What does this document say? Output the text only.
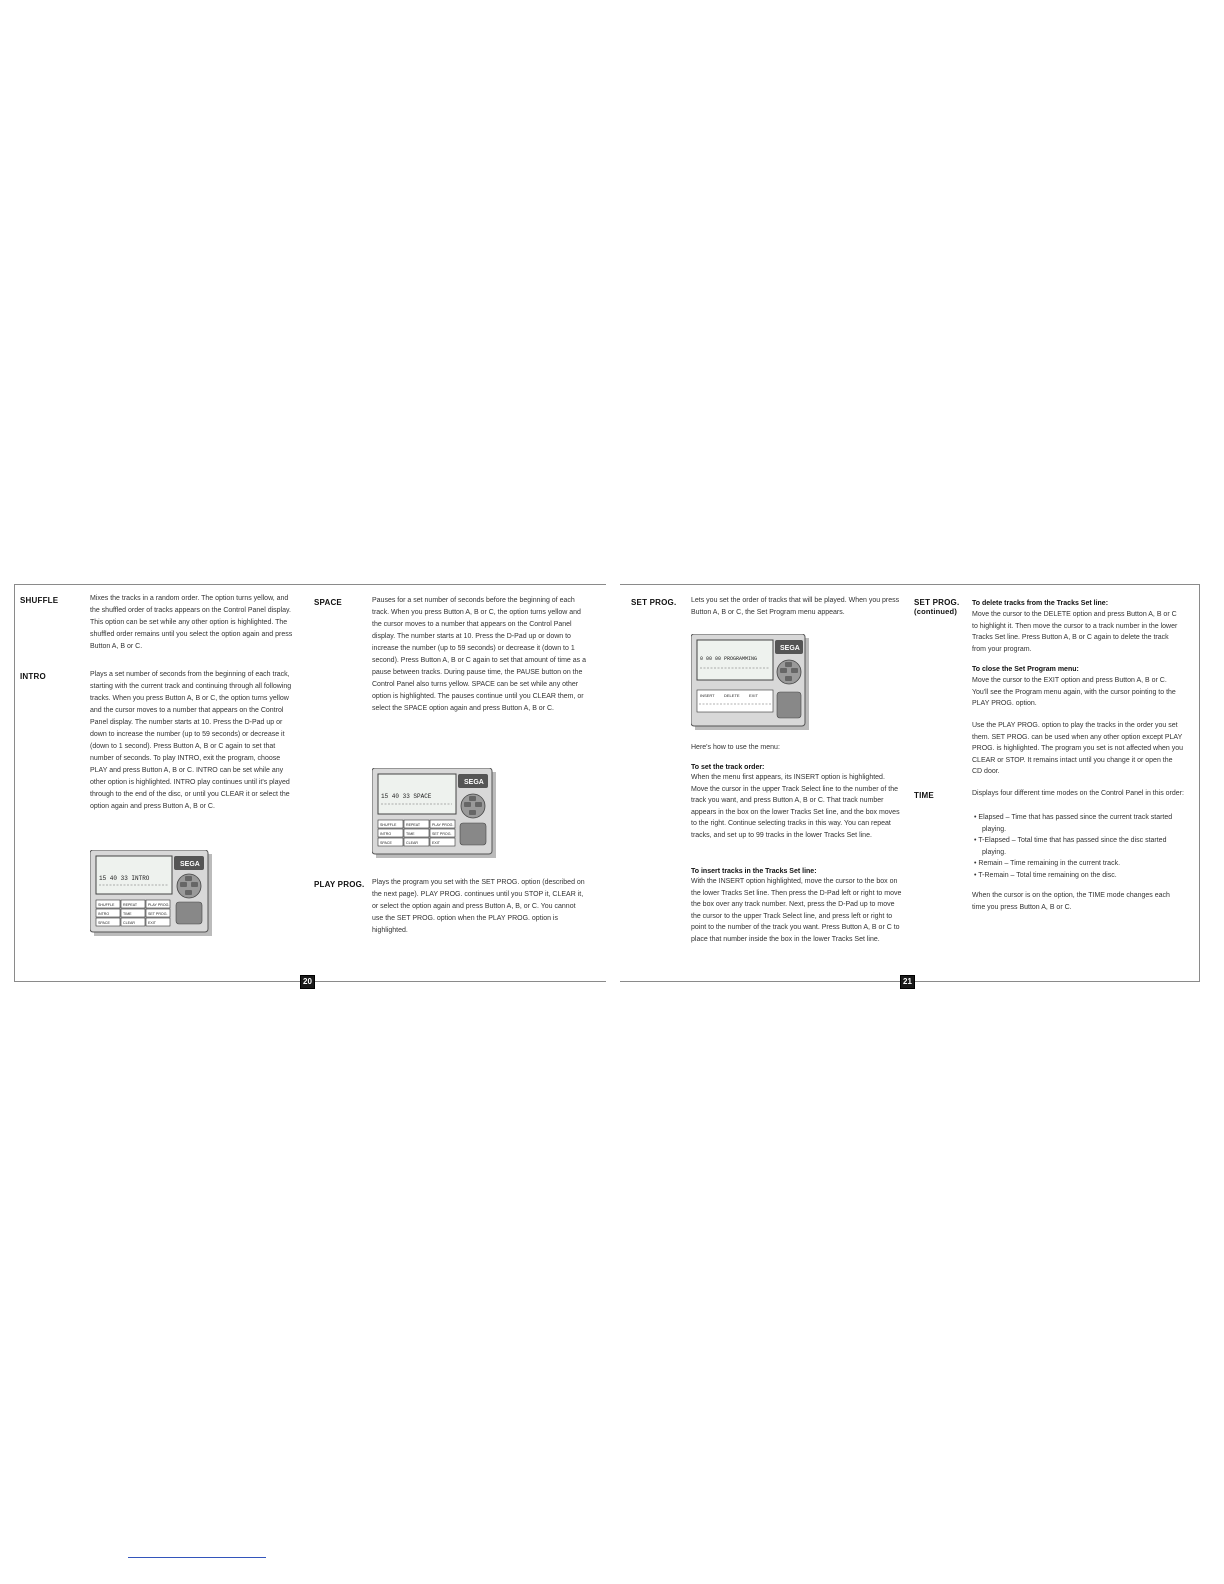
SHUFFLE	Mixes the tracks in a random order. The option turns yellow, and the shuffled order of tracks appears on the Control Panel display. This option can be set while any other option is highlighted. The shuffled order remains until you select the option again and press Button A, B or C.
INTRO	Plays a set number of seconds from the beginning of each track, starting with the current track and continuing through all following tracks. When you press Button A, B or C, the option turns yellow and the cursor moves to a number that appears on the Control Panel display. The number starts at 10. Press the D-Pad up or down to increase the number (up to 59 seconds) or decrease it (down to 1 second). Press Button A, B or C again to set that number of seconds. To play INTRO, exit the program, choose PLAY and press Button A, B or C. INTRO can be set while any other option is highlighted. INTRO play continues until it's played through to the end of the disc, or until you CLEAR it or select the option again and press Button A, B or C.
SPACE	Pauses for a set number of seconds before the beginning of each track. When you press Button A, B or C, the option turns yellow and the cursor moves to a number that appears on the Control Panel display. The number starts at 10. Press the D-Pad up or down to increase the number (up to 59 seconds) or decrease it (down to 1 second). Press Button A, B or C again to set that amount of time as a pause between tracks. During pause time, the PAUSE button on the Control Panel also turns yellow. SPACE can be set while any other option is highlighted. The pauses continue until you CLEAR them, or select the SPACE option again and press Button A, B or C.
PLAY PROG. Plays the program you set with the SET PROG. option (described on the next page). PLAY PROG. continues until you STOP it, CLEAR it, or select the option again and press Button A, B, or C. You cannot use the SET PROG. option when the PLAY PROG. option is highlighted.
15 40 33 INTRO
SEGA
SHUFFLE REPEAT	PLAY PROG.
INTRO	TIME	SET PROG.
SPACE	CLEAR	EXIT
15 40 33 SPACE
SEGA
SHUFFLE	REPEAT	PLAY PROG.
INTRO	TIME	SET PROG.
SPACE	CLEAR	EXIT
20
SET PROG. Lets you set the order of tracks that will be played. When you press Button A, B or C, the Set Program menu appears.
0 00 00 PROGRAMMING
SEGA
INSERT DELETE EXIT
Here's how to use the menu:
To set the track order:
When the menu first appears, its INSERT option is highlighted. Move the cursor in the upper Track Select line to the number of the track you want, and press Button A, B or C. That track number appears in the box on the lower Tracks Set line, and the box moves to the right. Continue selecting tracks in this way. You can repeat tracks, and set up to 99 tracks in the lower Tracks Set line.
To insert tracks in the Tracks Set line:
With the INSERT option highlighted, move the cursor to the box on the lower Tracks Set line. Then press the D-Pad left or right to move the box over any track number. Next, press the D-Pad up to move the cursor to the upper Track Select line, and press left or right to point to the number of the track you want. Press Button A, B or C to place that number inside the box in the lower Tracks Set line.
SET PROG.
(continued)
To delete tracks from the Tracks Set line:
Move the cursor to the DELETE option and press Button A, B or C to highlight it. Then move the cursor to a track number in the lower Tracks Set line. Press Button A, B or C again to delete the track from your program.
To close the Set Program menu:
Move the cursor to the EXIT option and press Button A, B or C. You'll see the Program menu again, with the cursor pointing to the PLAY PROG. option.
Use the PLAY PROG. option to play the tracks in the order you set them. SET PROG. can be used when any other option except PLAY PROG. is highlighted. The program you set is not affected when you CLEAR or STOP. It remains intact until you change it or open the CD door.
TIME	Displays four different time modes on the Control Panel in this order:
• Elapsed – Time that has passed since the current track started playing.
• T-Elapsed – Total time that has passed since the disc started playing.
• Remain – Time remaining in the current track.
• T-Remain – Total time remaining on the disc.
When the cursor is on the option, the TIME mode changes each time you press Button A, B or C.
21
